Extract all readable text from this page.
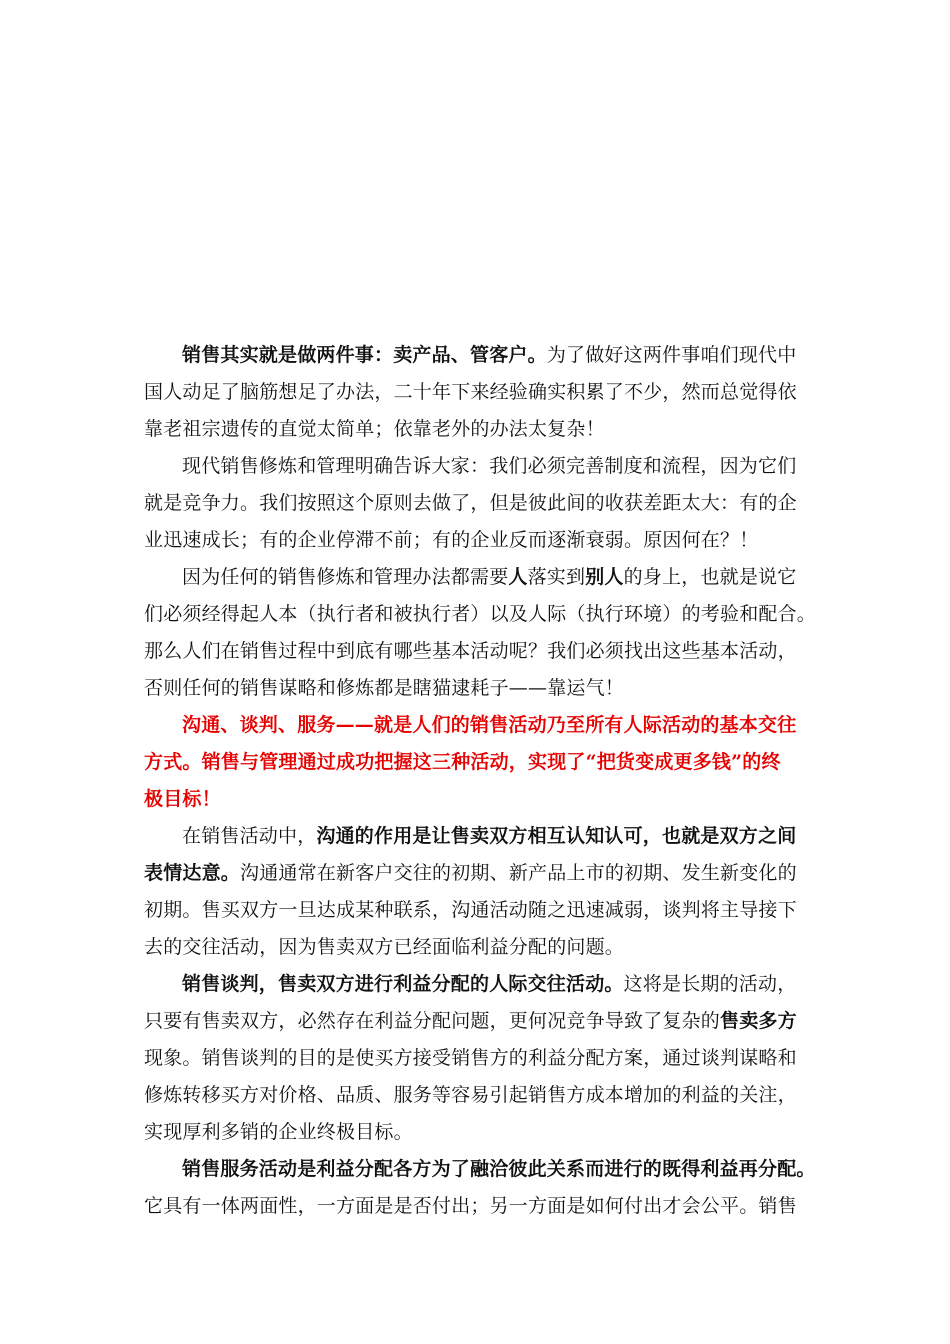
销售其实就是做两件事：卖产品、管客户。为了做好这两件事咱们现代中
国人动足了脑筋想足了办法，二十年下来经验确实积累了不少，然而总觉得依
靠老祖宗遗传的直觉太简单；依靠老外的办法太复杂！
现代销售修炼和管理明确告诉大家：我们必须完善制度和流程，因为它们
就是竞争力。我们按照这个原则去做了，但是彼此间的收获差距太大：有的企
业迅速成长；有的企业停滞不前；有的企业反而逐渐衰弱。原因何在？！
因为任何的销售修炼和管理办法都需要人落实到别人的身上，也就是说它
们必须经得起人本（执行者和被执行者）以及人际（执行环境）的考验和配合。
那么人们在销售过程中到底有哪些基本活动呢？我们必须找出这些基本活动，
否则任何的销售谋略和修炼都是瞎猫逮耗子——靠运气！
沟通、谈判、服务——就是人们的销售活动乃至所有人际活动的基本交往
方式。销售与管理通过成功把握这三种活动，实现了“把货变成更多钱”的终
极目标！
在销售活动中，沟通的作用是让售卖双方相互认知认可，也就是双方之间
表情达意。沟通通常在新客户交往的初期、新产品上市的初期、发生新变化的
初期。售买双方一旦达成某种联系，沟通活动随之迅速减弱，谈判将主导接下
去的交往活动，因为售卖双方已经面临利益分配的问题。
销售谈判，售卖双方进行利益分配的人际交往活动。这将是长期的活动，
只要有售卖双方，必然存在利益分配问题，更何况竞争导致了复杂的售卖多方
现象。销售谈判的目的是使买方接受销售方的利益分配方案，通过谈判谋略和
修炼转移买方对价格、品质、服务等容易引起销售方成本增加的利益的关注，
实现厚利多销的企业终极目标。
销售服务活动是利益分配各方为了融洽彼此关系而进行的既得利益再分配。
它具有一体两面性，一方面是是否付出；另一方面是如何付出才会公平。销售
